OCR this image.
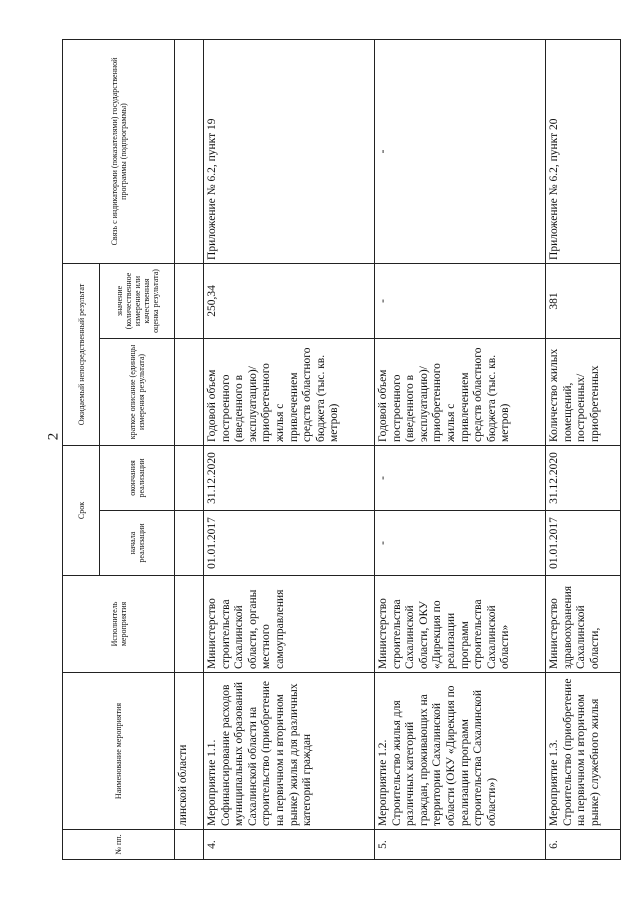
2
№ пп.	Наименование мероприятия	Исполнитель мероприятия	Срок		Ожидаемый непосредственный результат		Связь с индикаторами (показателями) государственной программы (подпрограммы)
			начала реализации	окончания реализации	краткое описание (единицы измерения результата)	значение (количественное измерение или качественная оценка результата)	
	линской области						
4.	Мероприятие 1.1. Софинансирование расходов муниципальных образований Сахалинской области на строительство (приобретение на первичном и вторичном рынке) жилья для различных категорий граждан	Министерство строительства Сахалинской области, органы местного самоуправления	01.01.2017	31.12.2020	Годовой объем построенного (введенного в эксплуатацию)/ приобретенного жилья с привлечением средств областного бюджета (тыс. кв. метров)	250,34	Приложение № 6.2, пункт 19
5.	Мероприятие 1.2. Строительство жилья для различных категорий граждан, проживающих на территории Сахалинской области (ОКУ «Дирекция по реализации программ строительства Сахалинской области»)	Министерство строительства Сахалинской области, ОКУ «Дирекция по реализации программ строительства Сахалинской области»	-	-	Годовой объем построенного (введенного в эксплуатацию)/ приобретенного жилья с привлечением средств областного бюджета (тыс. кв. метров)	-	-
6.	Мероприятие 1.3. Строительство (приобретение на первичном и вторичном рынке) служебного жилья	Министерство здравоохранения Сахалинской области,	01.01.2017	31.12.2020	Количество жилых помещений, построенных/ приобретенных	381	Приложение № 6.2, пункт 20
